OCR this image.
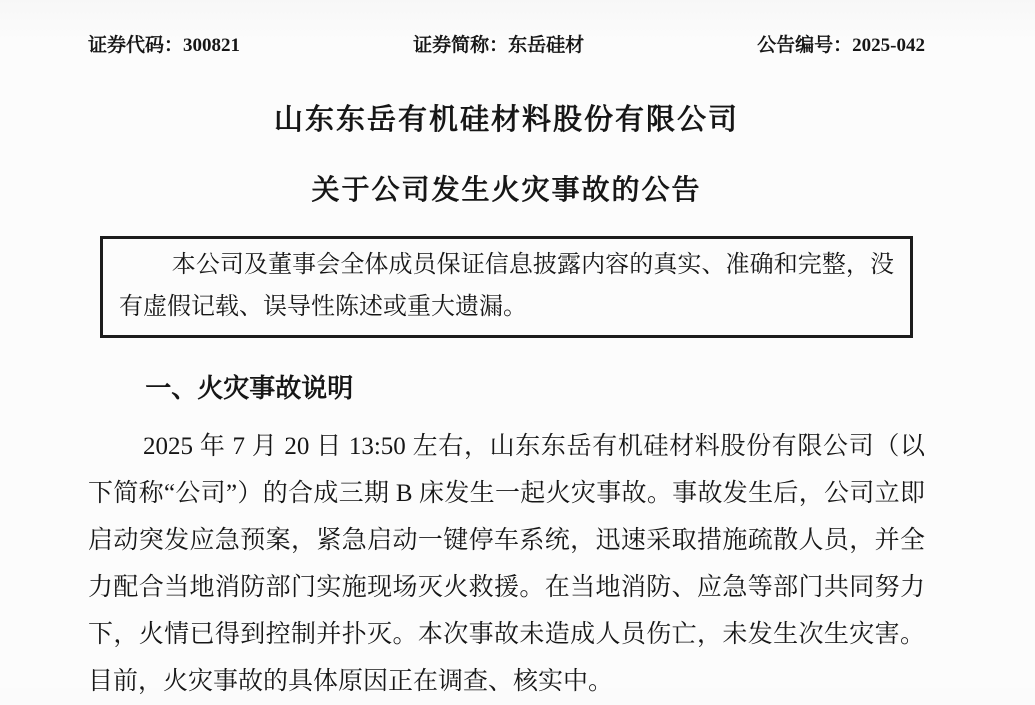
证券代码：300821	证券简称：东岳硅材	公告编号：2025-042
山东东岳有机硅材料股份有限公司
关于公司发生火灾事故的公告

本公司及董事会全体成员保证信息披露内容的真实、准确和完整，没有虚假记载、误导性陈述或重大遗漏。

一、火灾事故说明

2025 年 7 月 20 日 13:50 左右，山东东岳有机硅材料股份有限公司（以下简称“公司”）的合成三期 B 床发生一起火灾事故。事故发生后，公司立即启动突发应急预案，紧急启动一键停车系统，迅速采取措施疏散人员，并全力配合当地消防部门实施现场灭火救援。在当地消防、应急等部门共同努力下，火情已得到控制并扑灭。本次事故未造成人员伤亡，未发生次生灾害。目前，火灾事故的具体原因正在调查、核实中。
